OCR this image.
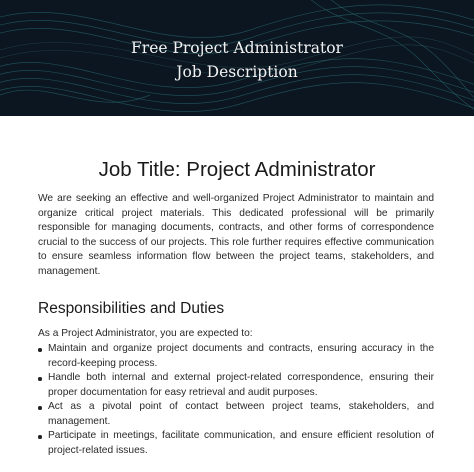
Free Project Administrator
Job Description
Job Title: Project Administrator

We are seeking an effective and well-organized Project Administrator to maintain and organize critical project materials. This dedicated professional will be primarily responsible for managing documents, contracts, and other forms of correspondence crucial to the success of our projects. This role further requires effective communication to ensure seamless information flow between the project teams, stakeholders, and management.

Responsibilities and Duties

As a Project Administrator, you are expected to:

Maintain and organize project documents and contracts, ensuring accuracy in the record-keeping process.
Handle both internal and external project-related correspondence, ensuring their proper documentation for easy retrieval and audit purposes.
Act as a pivotal point of contact between project teams, stakeholders, and management.
Participate in meetings, facilitate communication, and ensure efficient resolution of project-related issues.
